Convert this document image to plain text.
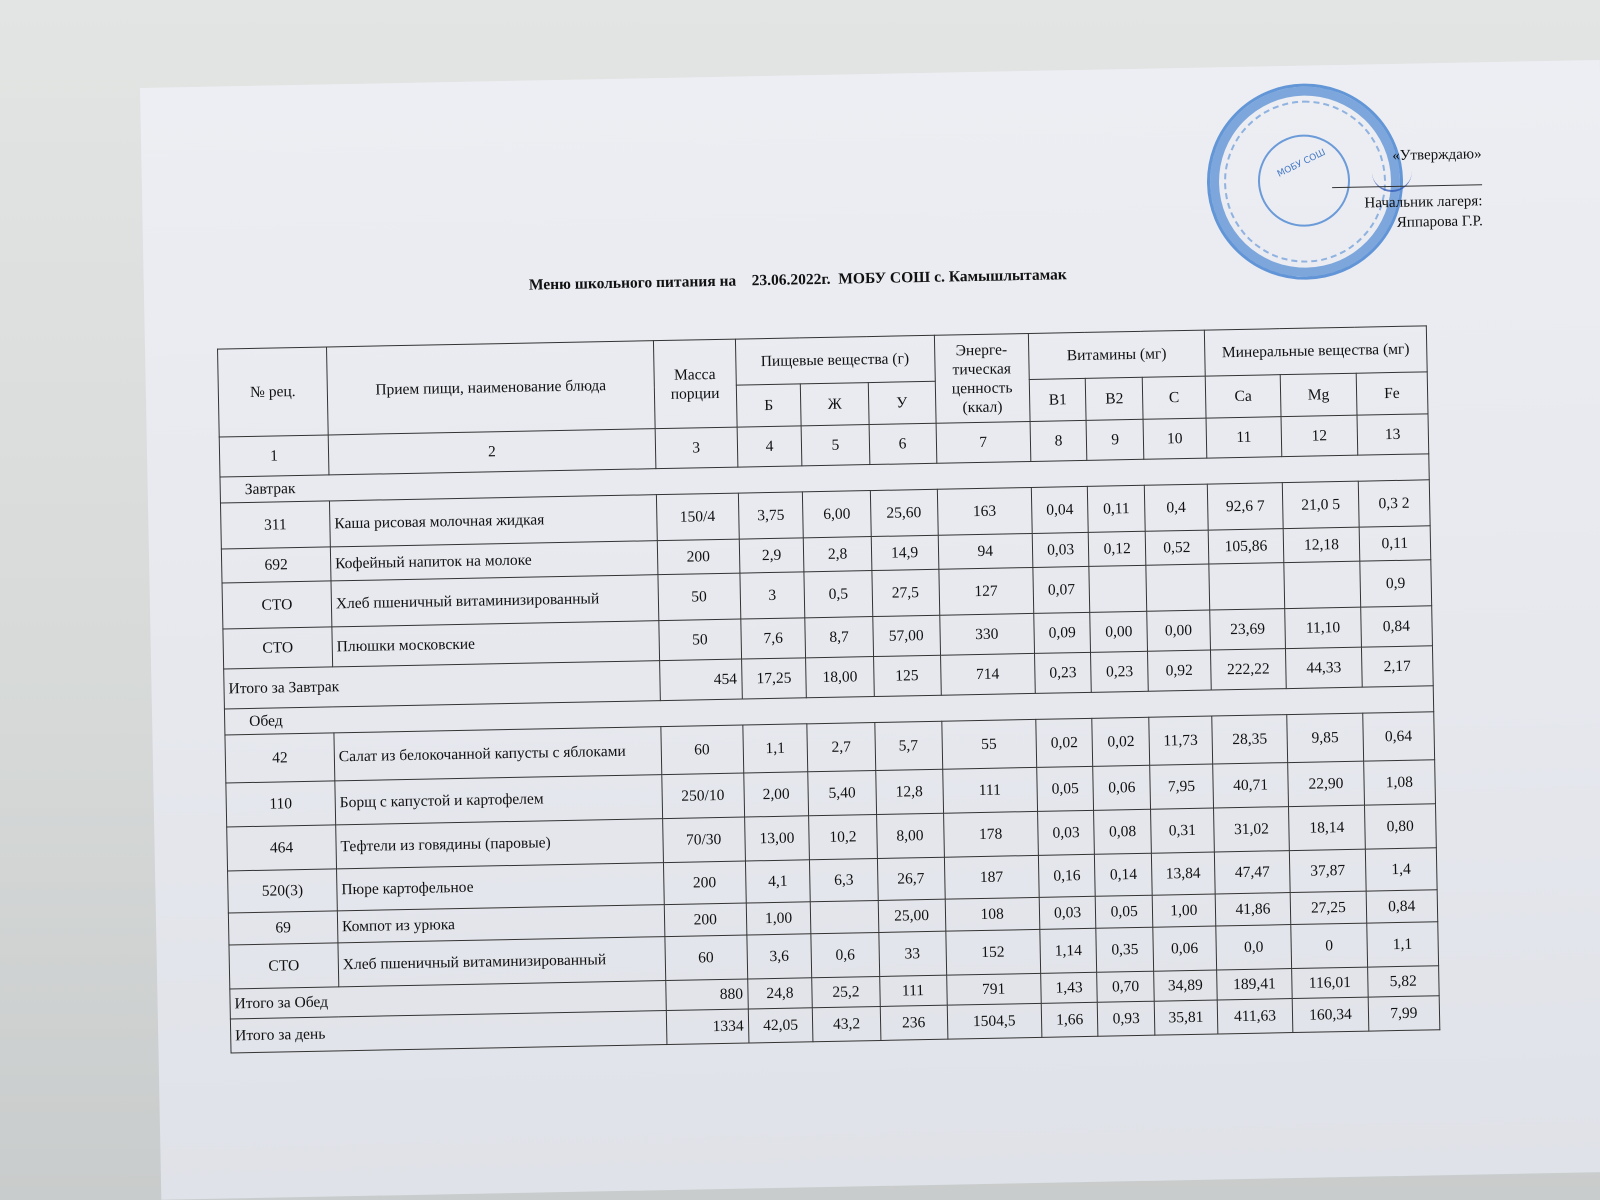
МОБУ СОШ	«Утверждаю»
Начальник лагеря:
Яппарова Г.Р.
Меню школьного питания на    23.06.2022г.  МОБУ СОШ с. Камышлытамак
№ рец.	Прием пищи, наименование блюда	Масса порции	Пищевые вещества (г)			Энерге-тическая ценность (ккал)	Витамины (мг)			Минеральные вещества (мг)		
			Б	Ж	У		В1	В2	С	Ca	Mg	Fe
1	2	3	4	5	6	7	8	9	10	11	12	13
Завтрак												
311	Каша рисовая молочная жидкая	150/4	3,75	6,00	25,60	163	0,04	0,11	0,4	92,6 7	21,0 5	0,3 2
692	Кофейный напиток на молоке	200	2,9	2,8	14,9	94	0,03	0,12	0,52	105,86	12,18	0,11
СТО	Хлеб пшеничный витаминизированный	50	3	0,5	27,5	127	0,07					0,9
СТО	Плюшки московские	50	7,6	8,7	57,00	330	0,09	0,00	0,00	23,69	11,10	0,84
Итого за Завтрак		454	17,25	18,00	125	714	0,23	0,23	0,92	222,22	44,33	2,17
Обед												
42	Салат из белокочанной капусты с яблоками	60	1,1	2,7	5,7	55	0,02	0,02	11,73	28,35	9,85	0,64
110	Борщ с капустой и картофелем	250/10	2,00	5,40	12,8	111	0,05	0,06	7,95	40,71	22,90	1,08
464	Тефтели из говядины (паровые)	70/30	13,00	10,2	8,00	178	0,03	0,08	0,31	31,02	18,14	0,80
520(3)	Пюре картофельное	200	4,1	6,3	26,7	187	0,16	0,14	13,84	47,47	37,87	1,4
69	Компот из урюка	200	1,00		25,00	108	0,03	0,05	1,00	41,86	27,25	0,84
СТО	Хлеб пшеничный витаминизированный	60	3,6	0,6	33	152	1,14	0,35	0,06	0,0	0	1,1
Итого за Обед		880	24,8	25,2	111	791	1,43	0,70	34,89	189,41	116,01	5,82
Итого за день		1334	42,05	43,2	236	1504,5	1,66	0,93	35,81	411,63	160,34	7,99
